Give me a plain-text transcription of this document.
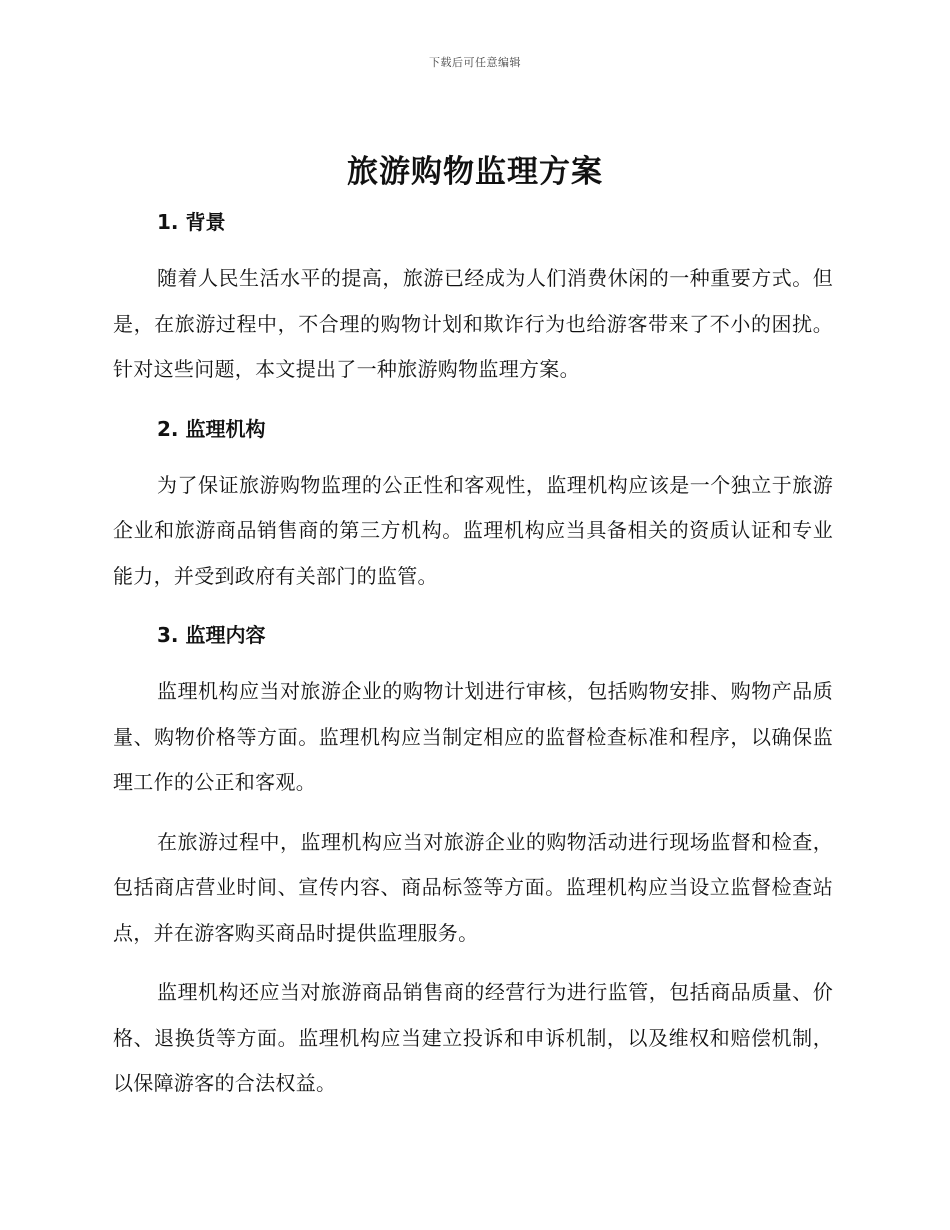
下载后可任意编辑
旅游购物监理方案
1. 背景

随着人民生活水平的提高，旅游已经成为人们消费休闲的一种重要方式。但是，在旅游过程中，不合理的购物计划和欺诈行为也给游客带来了不小的困扰。针对这些问题，本文提出了一种旅游购物监理方案。

2. 监理机构

为了保证旅游购物监理的公正性和客观性，监理机构应该是一个独立于旅游企业和旅游商品销售商的第三方机构。监理机构应当具备相关的资质认证和专业能力，并受到政府有关部门的监管。

3. 监理内容

监理机构应当对旅游企业的购物计划进行审核，包括购物安排、购物产品质量、购物价格等方面。监理机构应当制定相应的监督检查标准和程序，以确保监理工作的公正和客观。

在旅游过程中，监理机构应当对旅游企业的购物活动进行现场监督和检查，包括商店营业时间、宣传内容、商品标签等方面。监理机构应当设立监督检查站点，并在游客购买商品时提供监理服务。

监理机构还应当对旅游商品销售商的经营行为进行监管，包括商品质量、价格、退换货等方面。监理机构应当建立投诉和申诉机制，以及维权和赔偿机制，以保障游客的合法权益。
